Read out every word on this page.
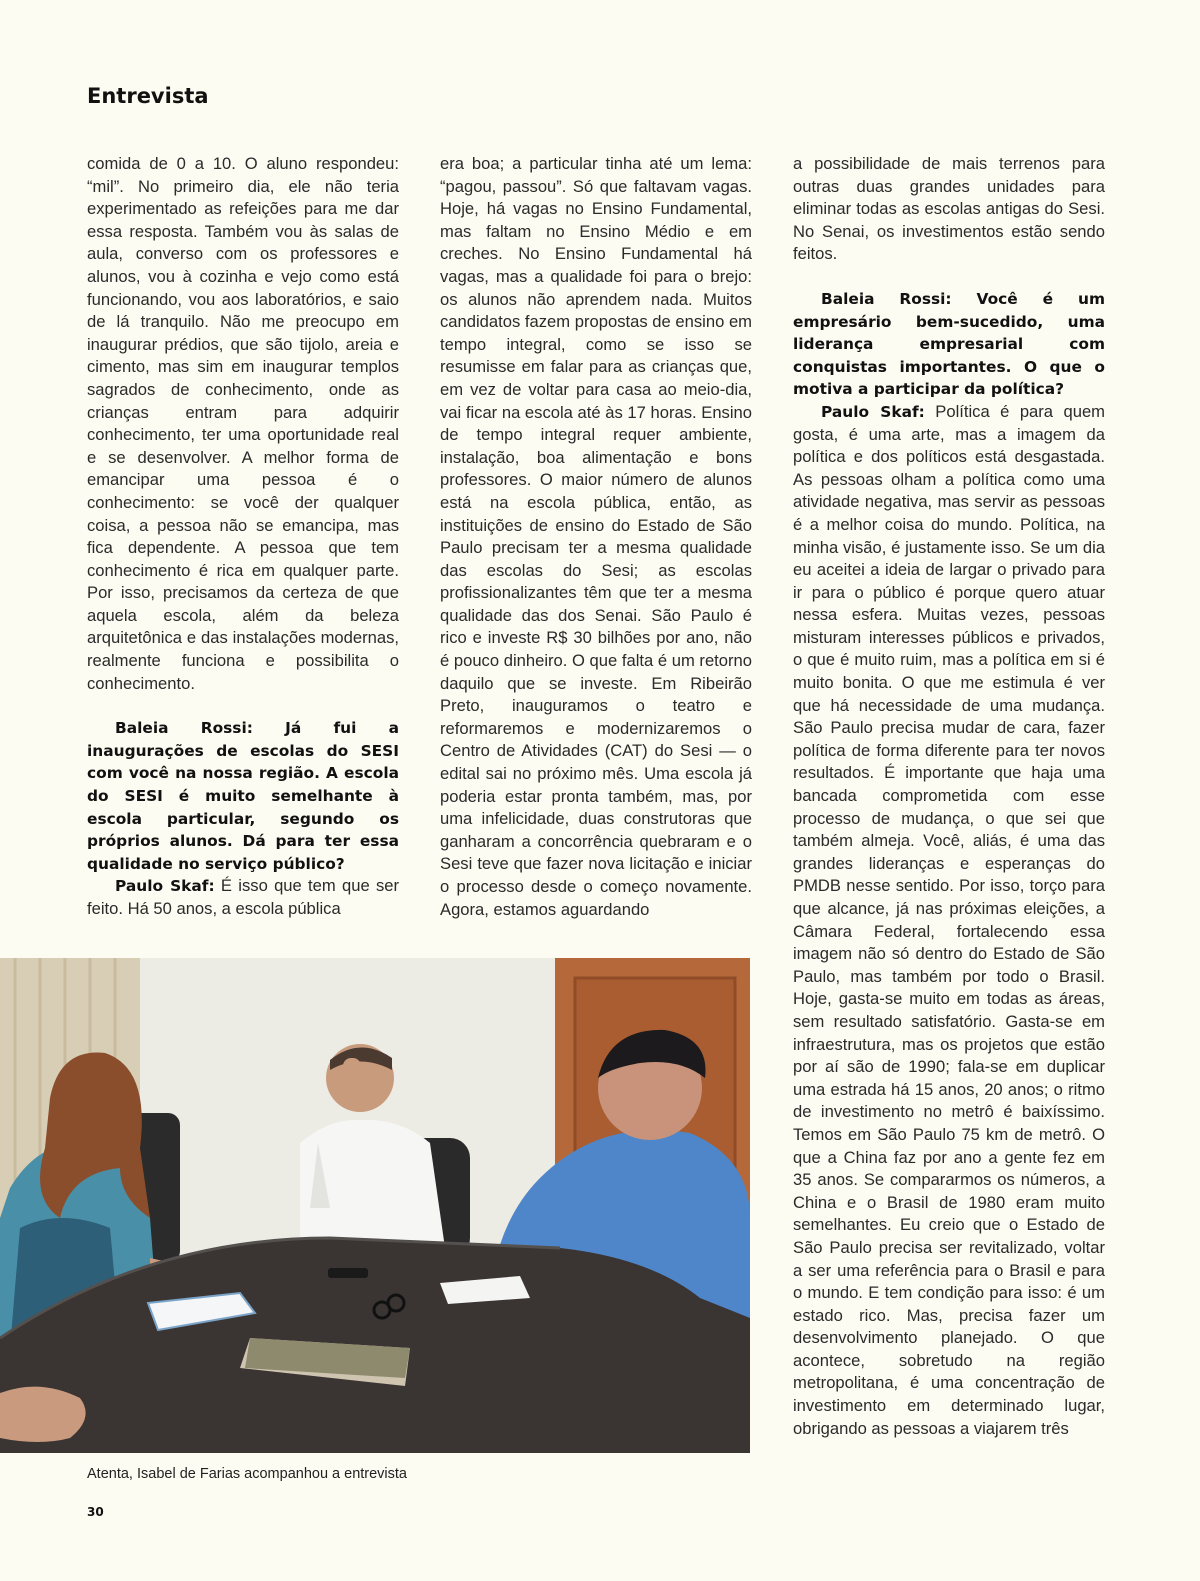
Entrevista

comida de 0 a 10. O aluno respondeu: “mil”. No primeiro dia, ele não teria experimentado as refeições para me dar essa resposta. Também vou às salas de aula, converso com os professores e alunos, vou à cozinha e vejo como está funcionando, vou aos laboratórios, e saio de lá tranquilo. Não me preocupo em inaugurar prédios, que são tijolo, areia e cimento, mas sim em inaugurar templos sagrados de conhecimento, onde as crianças entram para adquirir conhecimento, ter uma oportunidade real e se desenvolver. A melhor forma de emancipar uma pessoa é o conhecimento: se você der qualquer coisa, a pessoa não se emancipa, mas fica dependente. A pessoa que tem conhecimento é rica em qualquer parte. Por isso, precisamos da certeza de que aquela escola, além da beleza arquitetônica e das instalações modernas, realmente funciona e possibilita o conhecimento.

Baleia Rossi: Já fui a inaugurações de escolas do SESI com você na nossa região. A escola do SESI é muito semelhante à escola particular, segundo os próprios alunos. Dá para ter essa qualidade no serviço público?

Paulo Skaf: É isso que tem que ser feito. Há 50 anos, a escola pública

era boa; a particular tinha até um lema: “pagou, passou”. Só que faltavam vagas. Hoje, há vagas no Ensino Fundamental, mas faltam no Ensino Médio e em creches. No Ensino Fundamental há vagas, mas a qualidade foi para o brejo: os alunos não aprendem nada. Muitos candidatos fazem propostas de ensino em tempo integral, como se isso se resumisse em falar para as crianças que, em vez de voltar para casa ao meio-dia, vai ficar na escola até às 17 horas. Ensino de tempo integral requer ambiente, instalação, boa alimentação e bons professores. O maior número de alunos está na escola pública, então, as instituições de ensino do Estado de São Paulo precisam ter a mesma qualidade das escolas do Sesi; as escolas profissionalizantes têm que ter a mesma qualidade das dos Senai. São Paulo é rico e investe R$ 30 bilhões por ano, não é pouco dinheiro. O que falta é um retorno daquilo que se investe. Em Ribeirão Preto, inauguramos o teatro e reformaremos e modernizaremos o Centro de Atividades (CAT) do Sesi — o edital sai no próximo mês. Uma escola já poderia estar pronta também, mas, por uma infelicidade, duas construtoras que ganharam a concorrência quebraram e o Sesi teve que fazer nova licitação e iniciar o processo desde o começo novamente. Agora, estamos aguardando

a possibilidade de mais terrenos para outras duas grandes unidades para eliminar todas as escolas antigas do Sesi. No Senai, os investimentos estão sendo feitos.

Baleia Rossi: Você é um empresário bem-sucedido, uma liderança empresarial com conquistas importantes. O que o motiva a participar da política?

Paulo Skaf: Política é para quem gosta, é uma arte, mas a imagem da política e dos políticos está desgastada. As pessoas olham a política como uma atividade negativa, mas servir as pessoas é a melhor coisa do mundo. Política, na minha visão, é justamente isso. Se um dia eu aceitei a ideia de largar o privado para ir para o público é porque quero atuar nessa esfera. Muitas vezes, pessoas misturam interesses públicos e privados, o que é muito ruim, mas a política em si é muito bonita. O que me estimula é ver que há necessidade de uma mudança. São Paulo precisa mudar de cara, fazer política de forma diferente para ter novos resultados. É importante que haja uma bancada comprometida com esse processo de mudança, o que sei que também almeja. Você, aliás, é uma das grandes lideranças e esperanças do PMDB nesse sentido. Por isso, torço para que alcance, já nas próximas eleições, a Câmara Federal, fortalecendo essa imagem não só dentro do Estado de São Paulo, mas também por todo o Brasil. Hoje, gasta-se muito em todas as áreas, sem resultado satisfatório. Gasta-se em infraestrutura, mas os projetos que estão por aí são de 1990; fala-se em duplicar uma estrada há 15 anos, 20 anos; o ritmo de investimento no metrô é baixíssimo. Temos em São Paulo 75 km de metrô. O que a China faz por ano a gente fez em 35 anos. Se compararmos os números, a China e o Brasil de 1980 eram muito semelhantes. Eu creio que o Estado de São Paulo precisa ser revitalizado, voltar a ser uma referência para o Brasil e para o mundo. E tem condição para isso: é um estado rico. Mas, precisa fazer um desenvolvimento planejado. O que acontece, sobretudo na região metropolitana, é uma concentração de investimento em determinado lugar, obrigando as pessoas a viajarem três

Atenta, Isabel de Farias acompanhou a entrevista

30
